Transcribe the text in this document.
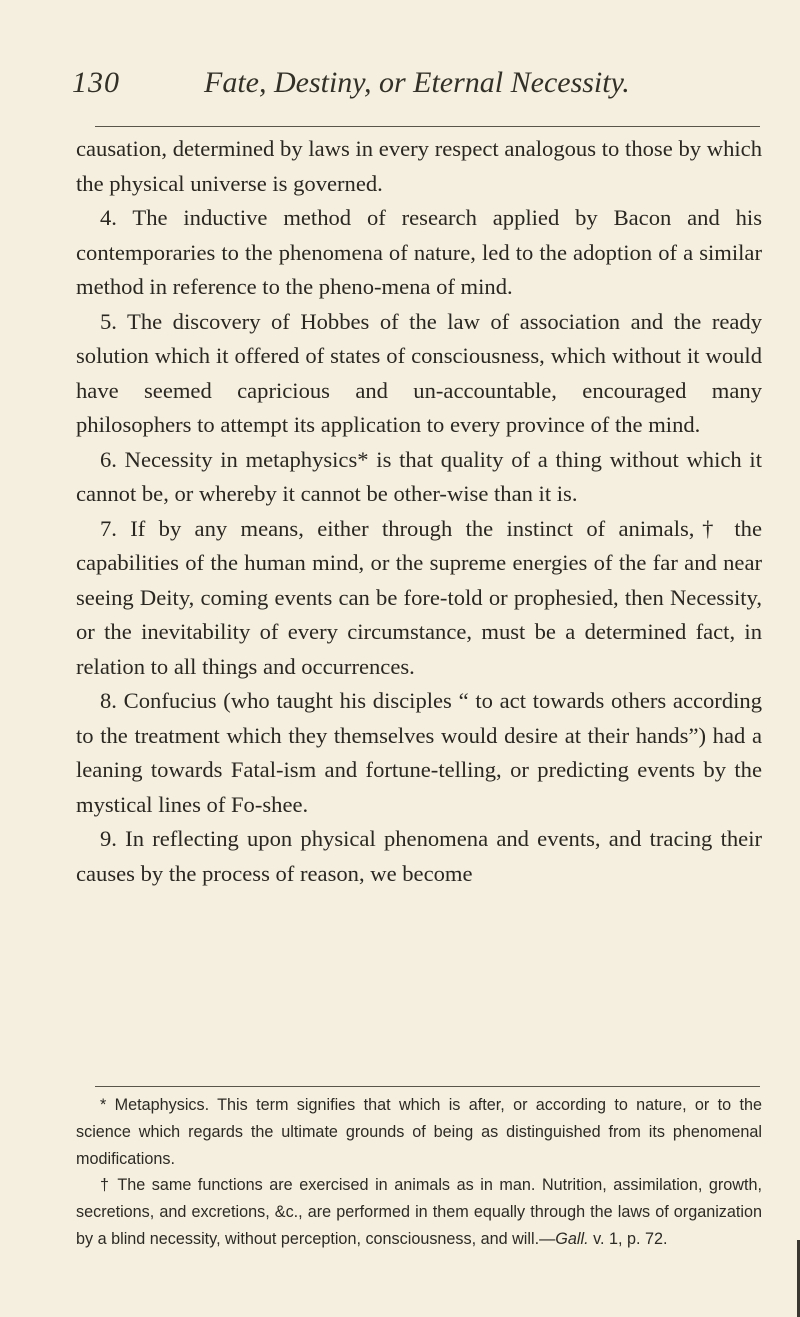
130	Fate, Destiny, or Eternal Necessity.

causation, determined by laws in every respect analogous to those by which the physical universe is governed.

4. The inductive method of research applied by Bacon and his contemporaries to the phenomena of nature, led to the adoption of a similar method in reference to the pheno-mena of mind.

5. The discovery of Hobbes of the law of association and the ready solution which it offered of states of consciousness, which without it would have seemed capricious and un-accountable, encouraged many philosophers to attempt its application to every province of the mind.

6. Necessity in metaphysics* is that quality of a thing without which it cannot be, or whereby it cannot be other-wise than it is.

7. If by any means, either through the instinct of animals,† the capabilities of the human mind, or the supreme energies of the far and near seeing Deity, coming events can be fore-told or prophesied, then Necessity, or the inevitability of every circumstance, must be a determined fact, in relation to all things and occurrences.

8. Confucius (who taught his disciples “ to act towards others according to the treatment which they themselves would desire at their hands”) had a leaning towards Fatal-ism and fortune-telling, or predicting events by the mystical lines of Fo-shee.

9. In reflecting upon physical phenomena and events, and tracing their causes by the process of reason, we become

* Metaphysics. This term signifies that which is after, or according to nature, or to the science which regards the ultimate grounds of being as distinguished from its phenomenal modifications.

† The same functions are exercised in animals as in man. Nutrition, assimilation, growth, secretions, and excretions, &c., are performed in them equally through the laws of organization by a blind necessity, without perception, consciousness, and will.—Gall. v. 1, p. 72.
